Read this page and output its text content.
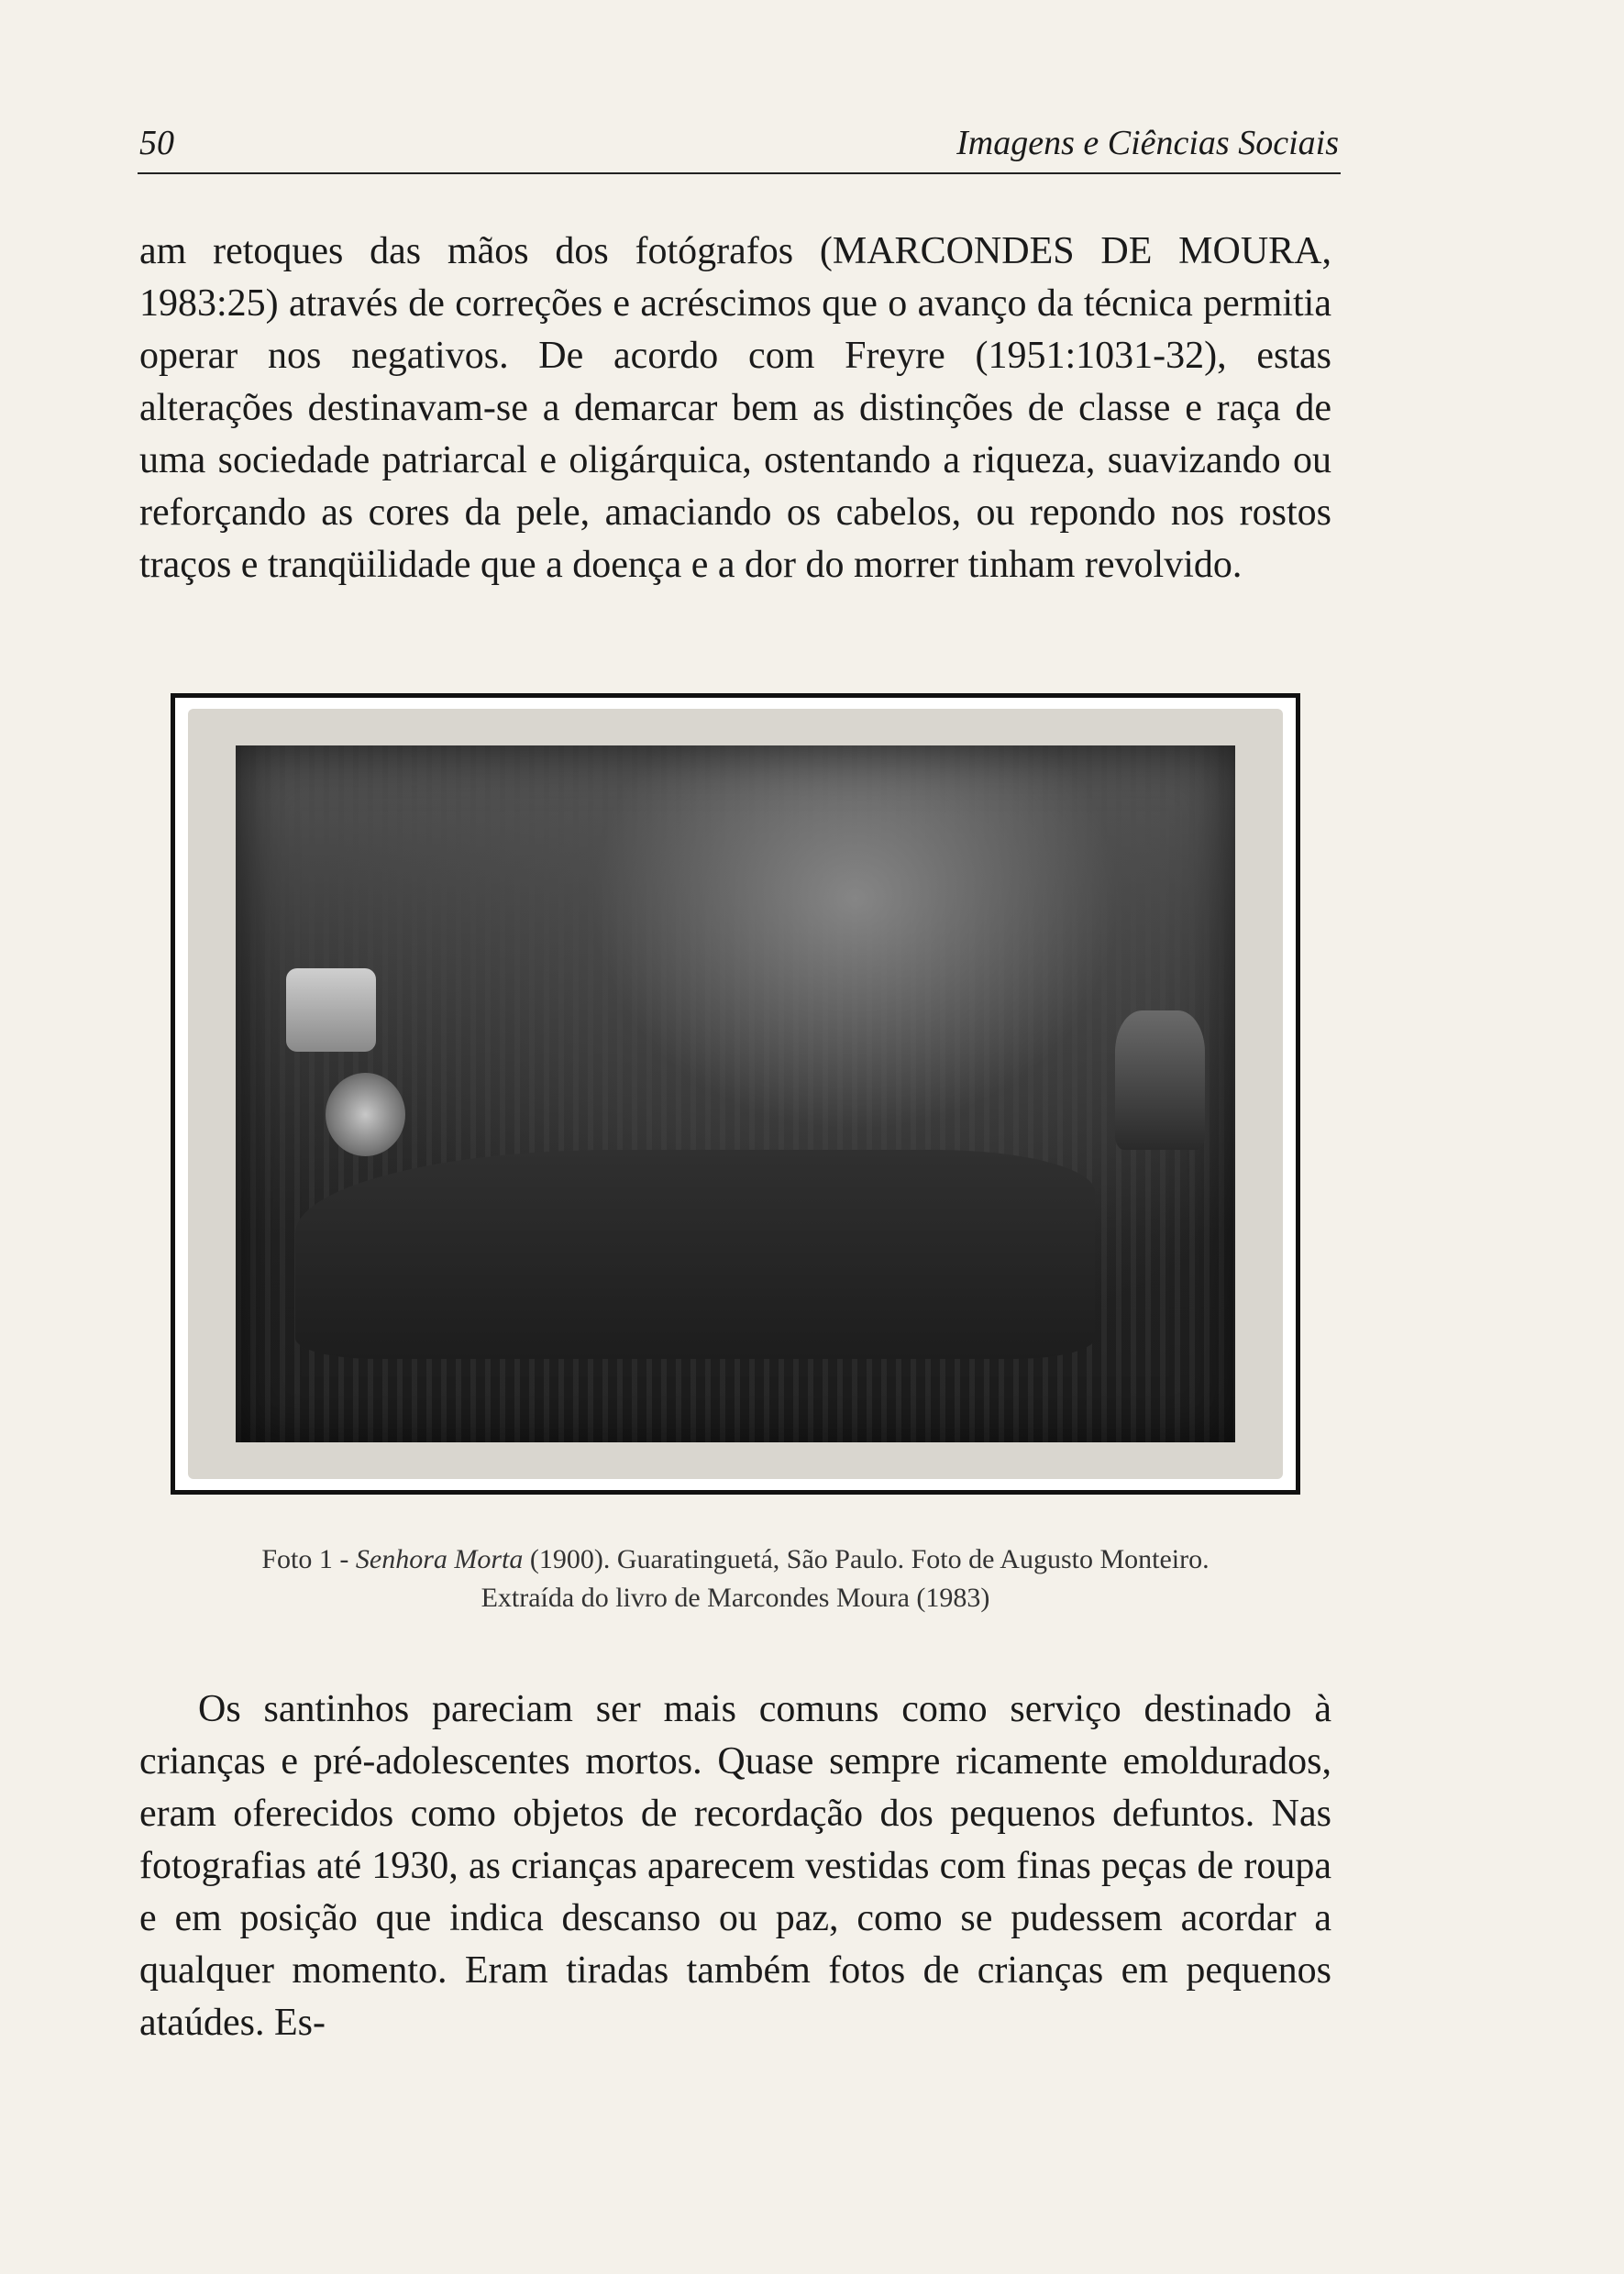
50	Imagens e Ciências Sociais

am retoques das mãos dos fotógrafos (MARCONDES DE MOURA, 1983:25) através de correções e acréscimos que o avanço da técnica permitia operar nos negativos. De acordo com Freyre (1951:1031-32), estas alterações destinavam-se a demarcar bem as distinções de classe e raça de uma sociedade patriarcal e oligárquica, ostentando a riqueza, suavizando ou reforçando as cores da pele, amaciando os cabelos, ou repondo nos rostos traços e tranqüilidade que a doença e a dor do morrer tinham revolvido.

Foto 1 - Senhora Morta (1900). Guaratinguetá, São Paulo. Foto de Augusto Monteiro.
Extraída do livro de Marcondes Moura (1983)

Os santinhos pareciam ser mais comuns como serviço destinado à crianças e pré-adolescentes mortos. Quase sempre ricamente emoldurados, eram oferecidos como objetos de recordação dos pequenos defuntos. Nas fotografias até 1930, as crianças aparecem vestidas com finas peças de roupa e em posição que indica descanso ou paz, como se pudessem acordar a qualquer momento. Eram tiradas também fotos de crianças em pequenos ataúdes. Es-
